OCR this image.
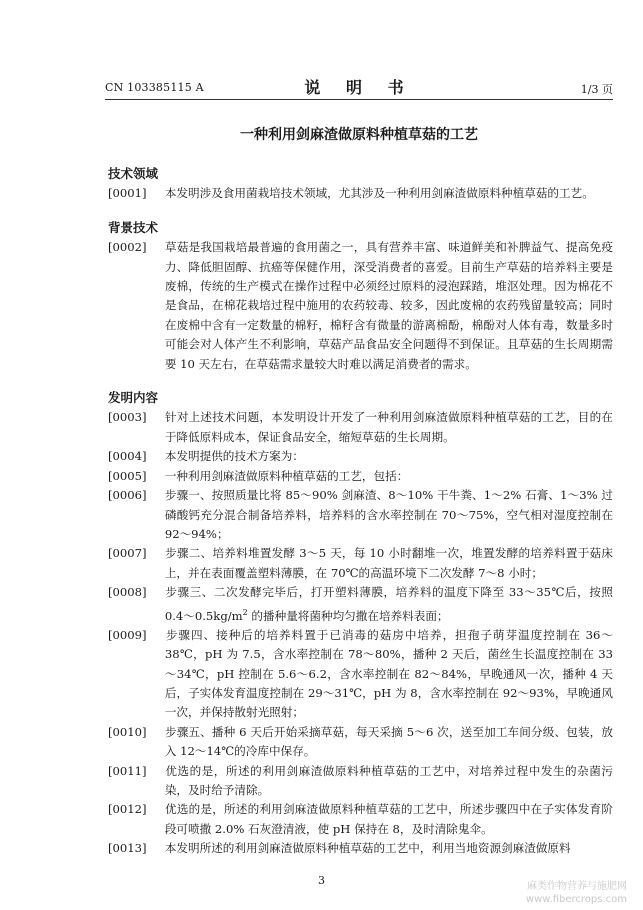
CN 103385115 A	说 明 书	1/3 页
一种利用剑麻渣做原料种植草菇的工艺
技术领域

[0001] 本发明涉及食用菌栽培技术领域，尤其涉及一种利用剑麻渣做原料种植草菇的工艺。

背景技术

[0002] 草菇是我国栽培最普遍的食用菌之一，具有营养丰富、味道鲜美和补脾益气、提高免疫力、降低胆固醇、抗癌等保健作用，深受消费者的喜爱。目前生产草菇的培养料主要是废棉，传统的生产模式在操作过程中必须经过原料的浸泡踩踏，堆沤处理。因为棉花不是食品，在棉花栽培过程中施用的农药较毒、较多，因此废棉的农药残留量较高；同时在废棉中含有一定数量的棉籽，棉籽含有微量的游离棉酚，棉酚对人体有毒，数量多时可能会对人体产生不利影响，草菇产品食品安全问题得不到保证。且草菇的生长周期需要 10 天左右，在草菇需求量较大时难以满足消费者的需求。

发明内容

[0003] 针对上述技术问题，本发明设计开发了一种利用剑麻渣做原料种植草菇的工艺，目的在于降低原料成本，保证食品安全，缩短草菇的生长周期。

[0004] 本发明提供的技术方案为：

[0005] 一种利用剑麻渣做原料种植草菇的工艺，包括：

[0006] 步骤一、按照质量比将 85～90% 剑麻渣、8～10% 干牛粪、1～2% 石膏、1～3% 过磷酸钙充分混合制备培养料，培养料的含水率控制在 70～75%，空气相对湿度控制在 92～94%；

[0007] 步骤二、培养料堆置发酵 3～5 天，每 10 小时翻堆一次，堆置发酵的培养料置于菇床上，并在表面覆盖塑料薄膜，在 70℃的高温环境下二次发酵 7～8 小时；

[0008] 步骤三、二次发酵完毕后，打开塑料薄膜，培养料的温度下降至 33～35℃后，按照 0.4～0.5kg/m$^2$ 的播种量将菌种均匀撒在培养料表面；

[0009] 步骤四、接种后的培养料置于已消毒的菇房中培养，担孢子萌芽温度控制在 36～38℃，pH 为 7.5，含水率控制在 78～80%，播种 2 天后，菌丝生长温度控制在 33～34℃，pH 控制在 5.6～6.2，含水率控制在 82～84%，早晚通风一次，播种 4 天后，子实体发育温度控制在 29～31℃，pH 为 8，含水率控制在 92～93%，早晚通风一次，并保持散射光照射；

[0010] 步骤五、播种 6 天后开始采摘草菇，每天采摘 5～6 次，送至加工车间分级、包装，放入 12～14℃的冷库中保存。

[0011] 优选的是，所述的利用剑麻渣做原料种植草菇的工艺中，对培养过程中发生的杂菌污染，及时给予清除。

[0012] 优选的是，所述的利用剑麻渣做原料种植草菇的工艺中，所述步骤四中在子实体发育阶段可喷撒 2.0% 石灰澄清液，使 pH 保持在 8，及时清除鬼伞。

[0013] 本发明所述的利用剑麻渣做原料种植草菇的工艺中，利用当地资源剑麻渣做原料

3	麻类作物营养与施肥网
www.fibercrops.com
